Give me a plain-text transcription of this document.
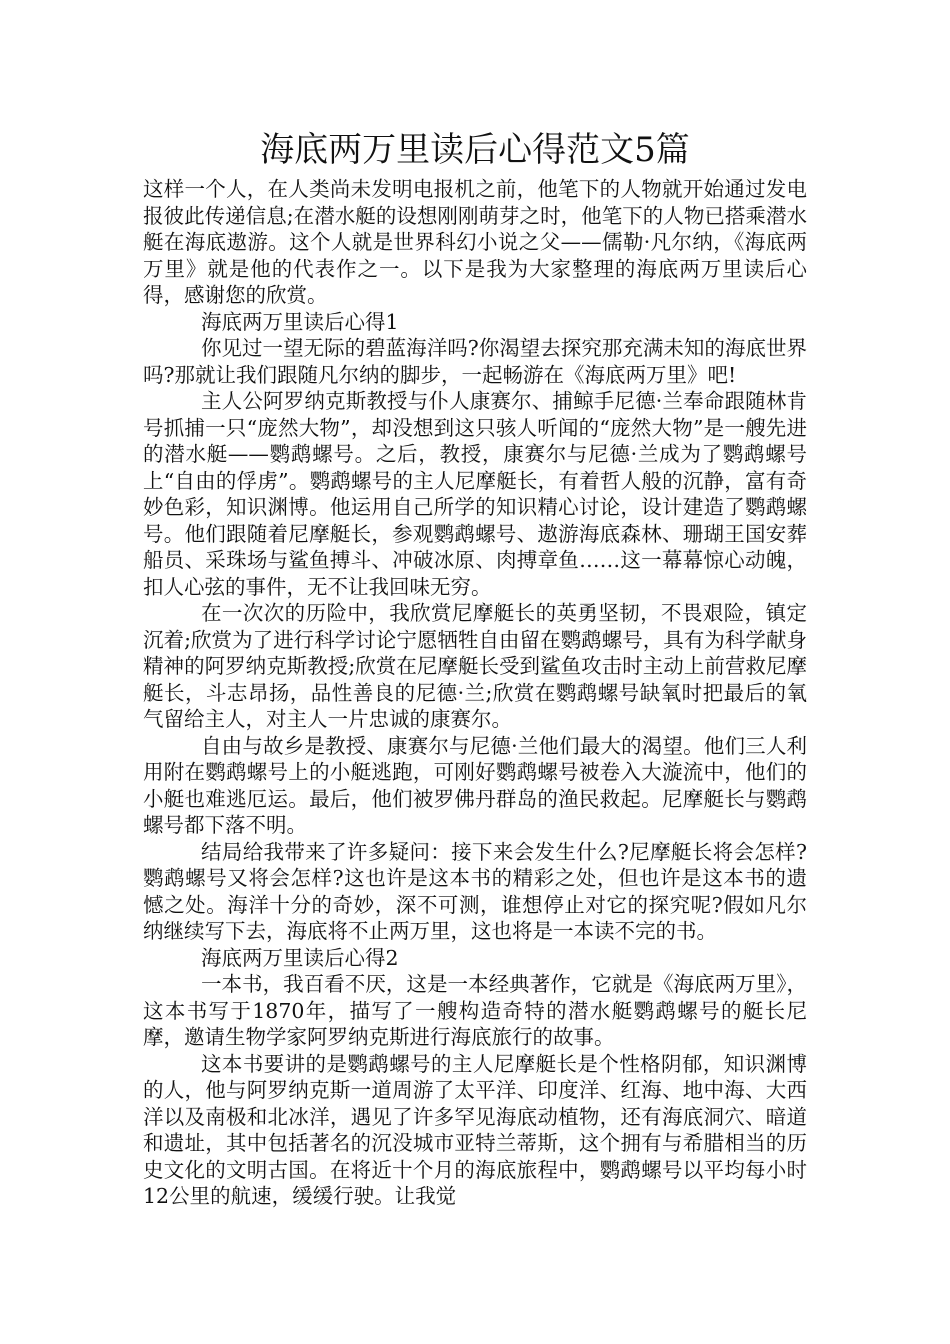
海底两万里读后心得范文5篇

这样一个人，在人类尚未发明电报机之前，他笔下的人物就开始通过发电报彼此传递信息;在潜水艇的设想刚刚萌芽之时，他笔下的人物已搭乘潜水艇在海底遨游。这个人就是世界科幻小说之父——儒勒·凡尔纳，《海底两万里》就是他的代表作之一。以下是我为大家整理的海底两万里读后心得，感谢您的欣赏。

海底两万里读后心得1

你见过一望无际的碧蓝海洋吗?你渴望去探究那充满未知的海底世界吗?那就让我们跟随凡尔纳的脚步，一起畅游在《海底两万里》吧!

主人公阿罗纳克斯教授与仆人康赛尔、捕鲸手尼德·兰奉命跟随林肯号抓捕一只“庞然大物”，却没想到这只骇人听闻的“庞然大物”是一艘先进的潜水艇——鹦鹉螺号。之后，教授，康赛尔与尼德·兰成为了鹦鹉螺号上“自由的俘虏”。鹦鹉螺号的主人尼摩艇长，有着哲人般的沉静，富有奇妙色彩，知识渊博。他运用自己所学的知识精心讨论，设计建造了鹦鹉螺号。他们跟随着尼摩艇长，参观鹦鹉螺号、遨游海底森林、珊瑚王国安葬船员、采珠场与鲨鱼搏斗、冲破冰原、肉搏章鱼……这一幕幕惊心动魄，扣人心弦的事件，无不让我回味无穷。

在一次次的历险中，我欣赏尼摩艇长的英勇坚韧，不畏艰险，镇定沉着;欣赏为了进行科学讨论宁愿牺牲自由留在鹦鹉螺号，具有为科学献身精神的阿罗纳克斯教授;欣赏在尼摩艇长受到鲨鱼攻击时主动上前营救尼摩艇长，斗志昂扬，品性善良的尼德·兰;欣赏在鹦鹉螺号缺氧时把最后的氧气留给主人，对主人一片忠诚的康赛尔。

自由与故乡是教授、康赛尔与尼德·兰他们最大的渴望。他们三人利用附在鹦鹉螺号上的小艇逃跑，可刚好鹦鹉螺号被卷入大漩流中，他们的小艇也难逃厄运。最后，他们被罗佛丹群岛的渔民救起。尼摩艇长与鹦鹉螺号都下落不明。

结局给我带来了许多疑问：接下来会发生什么?尼摩艇长将会怎样?鹦鹉螺号又将会怎样?这也许是这本书的精彩之处，但也许是这本书的遗憾之处。海洋十分的奇妙，深不可测，谁想停止对它的探究呢?假如凡尔纳继续写下去，海底将不止两万里，这也将是一本读不完的书。

海底两万里读后心得2

一本书，我百看不厌，这是一本经典著作，它就是《海底两万里》，这本书写于1870年，描写了一艘构造奇特的潜水艇鹦鹉螺号的艇长尼摩，邀请生物学家阿罗纳克斯进行海底旅行的故事。

这本书要讲的是鹦鹉螺号的主人尼摩艇长是个性格阴郁，知识渊博的人，他与阿罗纳克斯一道周游了太平洋、印度洋、红海、地中海、大西洋以及南极和北冰洋，遇见了许多罕见海底动植物，还有海底洞穴、暗道和遗址，其中包括著名的沉没城市亚特兰蒂斯，这个拥有与希腊相当的历史文化的文明古国。在将近十个月的海底旅程中，鹦鹉螺号以平均每小时12公里的航速，缓缓行驶。让我觉
